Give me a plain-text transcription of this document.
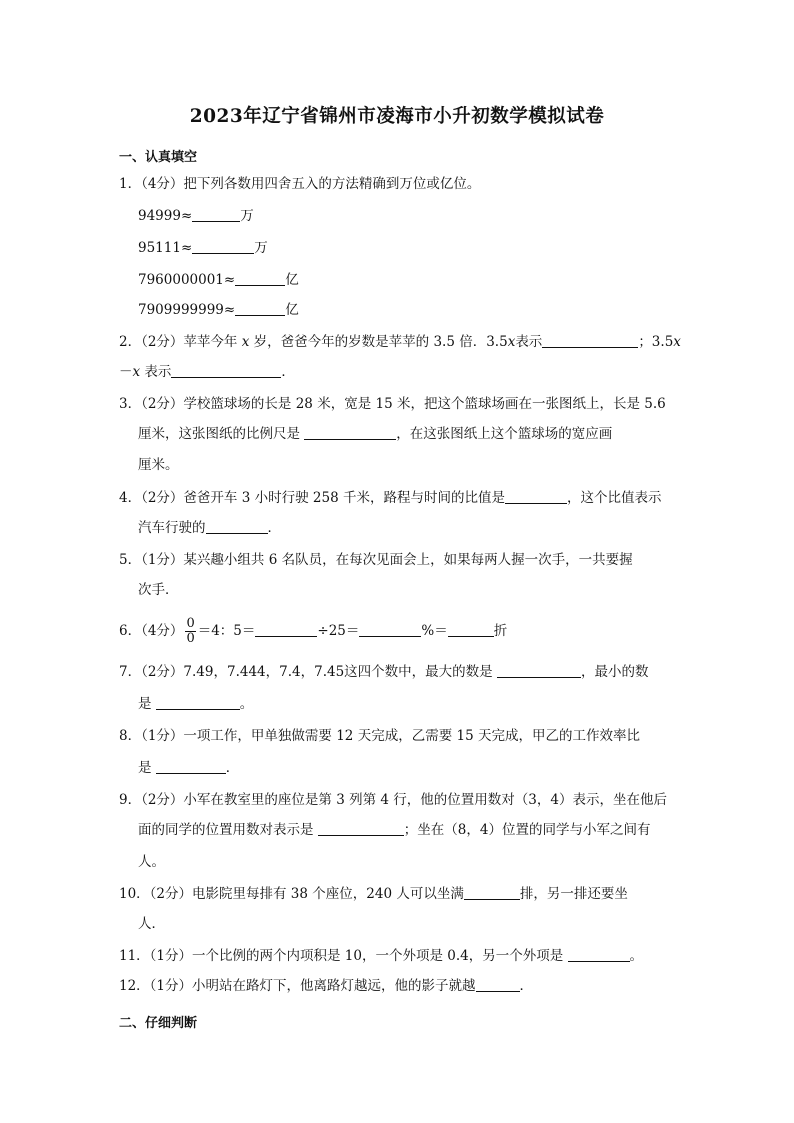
2023年辽宁省锦州市凌海市小升初数学模拟试卷
一、认真填空
1．（4分）把下列各数用四舍五入的方法精确到万位或亿位。
94999≈	万
95111≈	万
7960000001≈	亿
7909999999≈	亿
2．（2分）苹苹今年 x 岁，爸爸今年的岁数是苹苹的 3.5 倍．3.5x表示	；3.5x
－x 表示	．
3．（2分）学校篮球场的长是 28 米，宽是 15 米，把这个篮球场画在一张图纸上，长是 5.6
厘米，这张图纸的比例尺是	，在这张图纸上这个篮球场的宽应画
厘米。
4．（2分）爸爸开车 3 小时行驶 258 千米，路程与时间的比值是	，这个比值表示
汽车行驶的	．
5．（1分）某兴趣小组共 6 名队员，在每次见面会上，如果每两人握一次手，一共要握
次手．
6．（4分） $\frac{0}{0} =4$：5＝	÷25＝	%＝	折
7．（2分）7.49，7.444，7.4，7.45这四个数中，最大的数是	，最小的数
是	。
8．（1分）一项工作，甲单独做需要 12 天完成，乙需要 15 天完成，甲乙的工作效率比
是	．
9．（2分）小军在教室里的座位是第 3 列第 4 行，他的位置用数对（3，4）表示，坐在他后
面的同学的位置用数对表示是	；坐在（8，4）位置的同学与小军之间有
人。
10．（2分）电影院里每排有 38 个座位，240 人可以坐满	排，另一排还要坐
人．
11．（1分）一个比例的两个内项积是 10，一个外项是 0.4，另一个外项是	。
12．（1分）小明站在路灯下，他离路灯越远，他的影子就越	．
二、仔细判断
